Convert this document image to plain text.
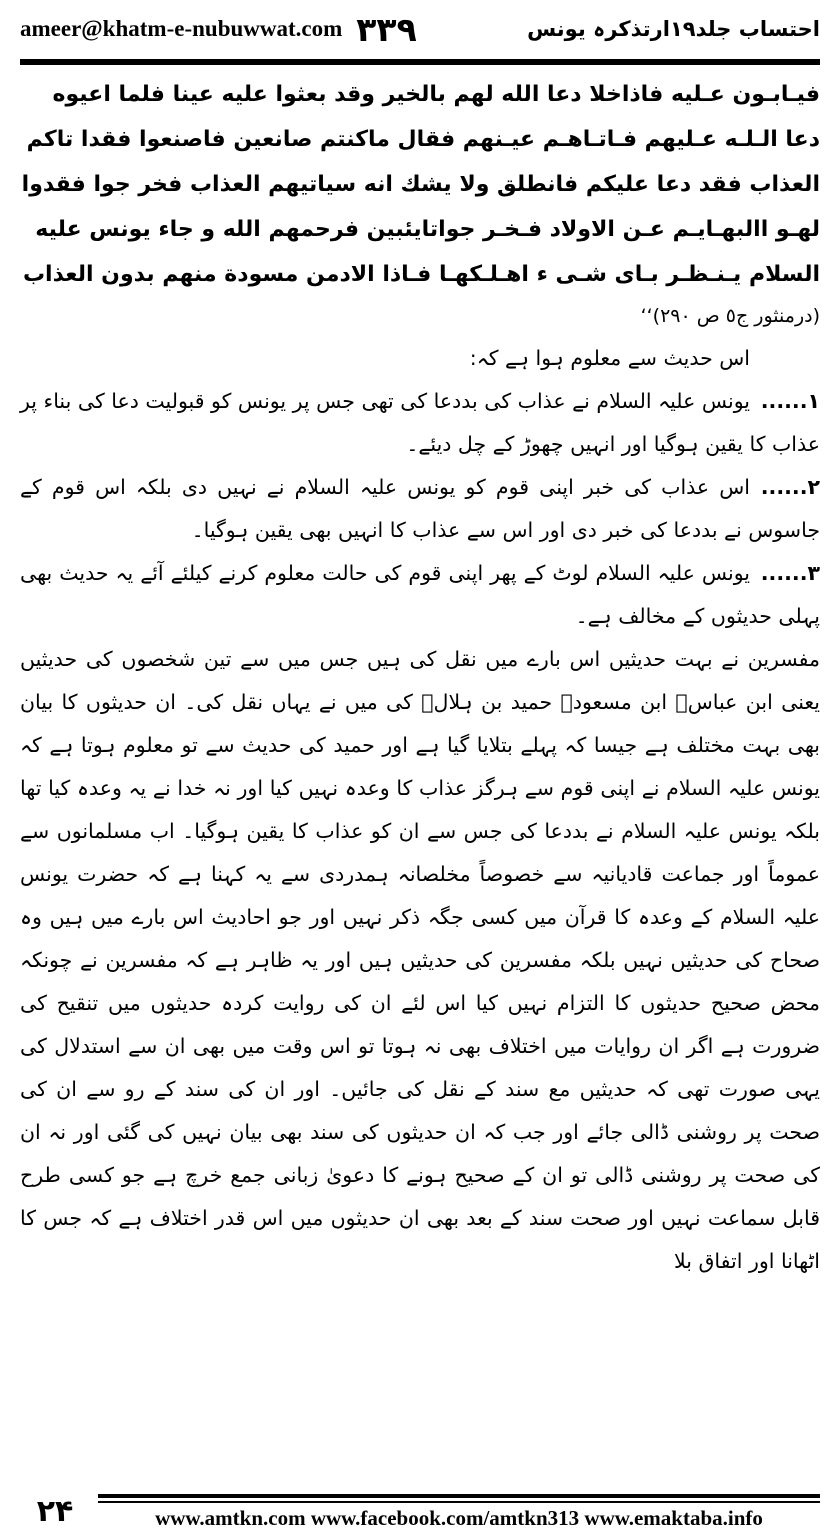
ameer@khatm-e-nubuwwat.com ۳۳۹	احتساب جلد۱۹ارتذکرہ یونس

فيـابـون عـليه فاذاخلا دعا الله لهم بالخير وقد بعثوا عليه عينا فلما اعيوه

دعا الـلـه عـليهم فـاتـاهـم عيـنهم فقال ماكنتم صانعين فاصنعوا فقدا تاكم

العذاب فقد دعا عليكم فانطلق ولا يشك انه سياتيهم العذاب فخر جوا فقدوا

لهـو االبهـايـم عـن الاولاد فـخـر جواتايئبين فرحمهم الله و جاء يونس عليه

السلام يـنـظـر بـاى شـى ء اهـلـكهـا فـاذا الادمن مسودة منهم بدون العذاب

(درمنثور ج٥ ص ٢٩٠)‘‘

اس حدیث سے معلوم ہوا ہے کہ:

۱......یونس علیہ السلام نے عذاب کی بددعا کی تھی جس پر یونس کو قبولیت دعا کی بناء پر عذاب کا یقین ہوگیا اور انہیں چھوڑ کے چل دیئے۔

۲......اس عذاب کی خبر اپنی قوم کو یونس علیہ السلام نے نہیں دی بلکہ اس قوم کے جاسوس نے بددعا کی خبر دی اور اس سے عذاب کا انہیں بھی یقین ہوگیا۔

۳......یونس علیہ السلام لوٹ کے پھر اپنی قوم کی حالت معلوم کرنے کیلئے آئے یہ حدیث بھی پہلی حدیثوں کے مخالف ہے۔

مفسرین نے بہت حدیثیں اس بارے میں نقل کی ہیں جس میں سے تین شخصوں کی حدیثیں یعنی ابن عباسؓ ابن مسعودؓ حمید بن ہلالؒ کی میں نے یہاں نقل کی۔ ان حدیثوں کا بیان بھی بہت مختلف ہے جیسا کہ پہلے بتلایا گیا ہے اور حمید کی حدیث سے تو معلوم ہوتا ہے کہ یونس علیہ السلام نے اپنی قوم سے ہرگز عذاب کا وعدہ نہیں کیا اور نہ خدا نے یہ وعدہ کیا تھا بلکہ یونس علیہ السلام نے بددعا کی جس سے ان کو عذاب کا یقین ہوگیا۔ اب مسلمانوں سے عموماً اور جماعت قادیانیہ سے خصوصاً مخلصانہ ہمدردی سے یہ کہنا ہے کہ حضرت یونس علیہ السلام کے وعدہ کا قرآن میں کسی جگہ ذکر نہیں اور جو احادیث اس بارے میں ہیں وہ صحاح کی حدیثیں نہیں بلکہ مفسرین کی حدیثیں ہیں اور یہ ظاہر ہے کہ مفسرین نے چونکہ محض صحیح حدیثوں کا التزام نہیں کیا اس لئے ان کی روایت کردہ حدیثوں میں تنقیح کی ضرورت ہے اگر ان روایات میں اختلاف بھی نہ ہوتا تو اس وقت میں بھی ان سے استدلال کی یہی صورت تھی کہ حدیثیں مع سند کے نقل کی جائیں۔ اور ان کی سند کے رو سے ان کی صحت پر روشنی ڈالی جائے اور جب کہ ان حدیثوں کی سند بھی بیان نہیں کی گئی اور نہ ان کی صحت پر روشنی ڈالی تو ان کے صحیح ہونے کا دعویٰ زبانی جمع خرچ ہے جو کسی طرح قابل سماعت نہیں اور صحت سند کے بعد بھی ان حدیثوں میں اس قدر اختلاف ہے کہ جس کا اٹھانا اور اتفاق بلا

۲۴	www.amtkn.com www.facebook.com/amtkn313 www.emaktaba.info
